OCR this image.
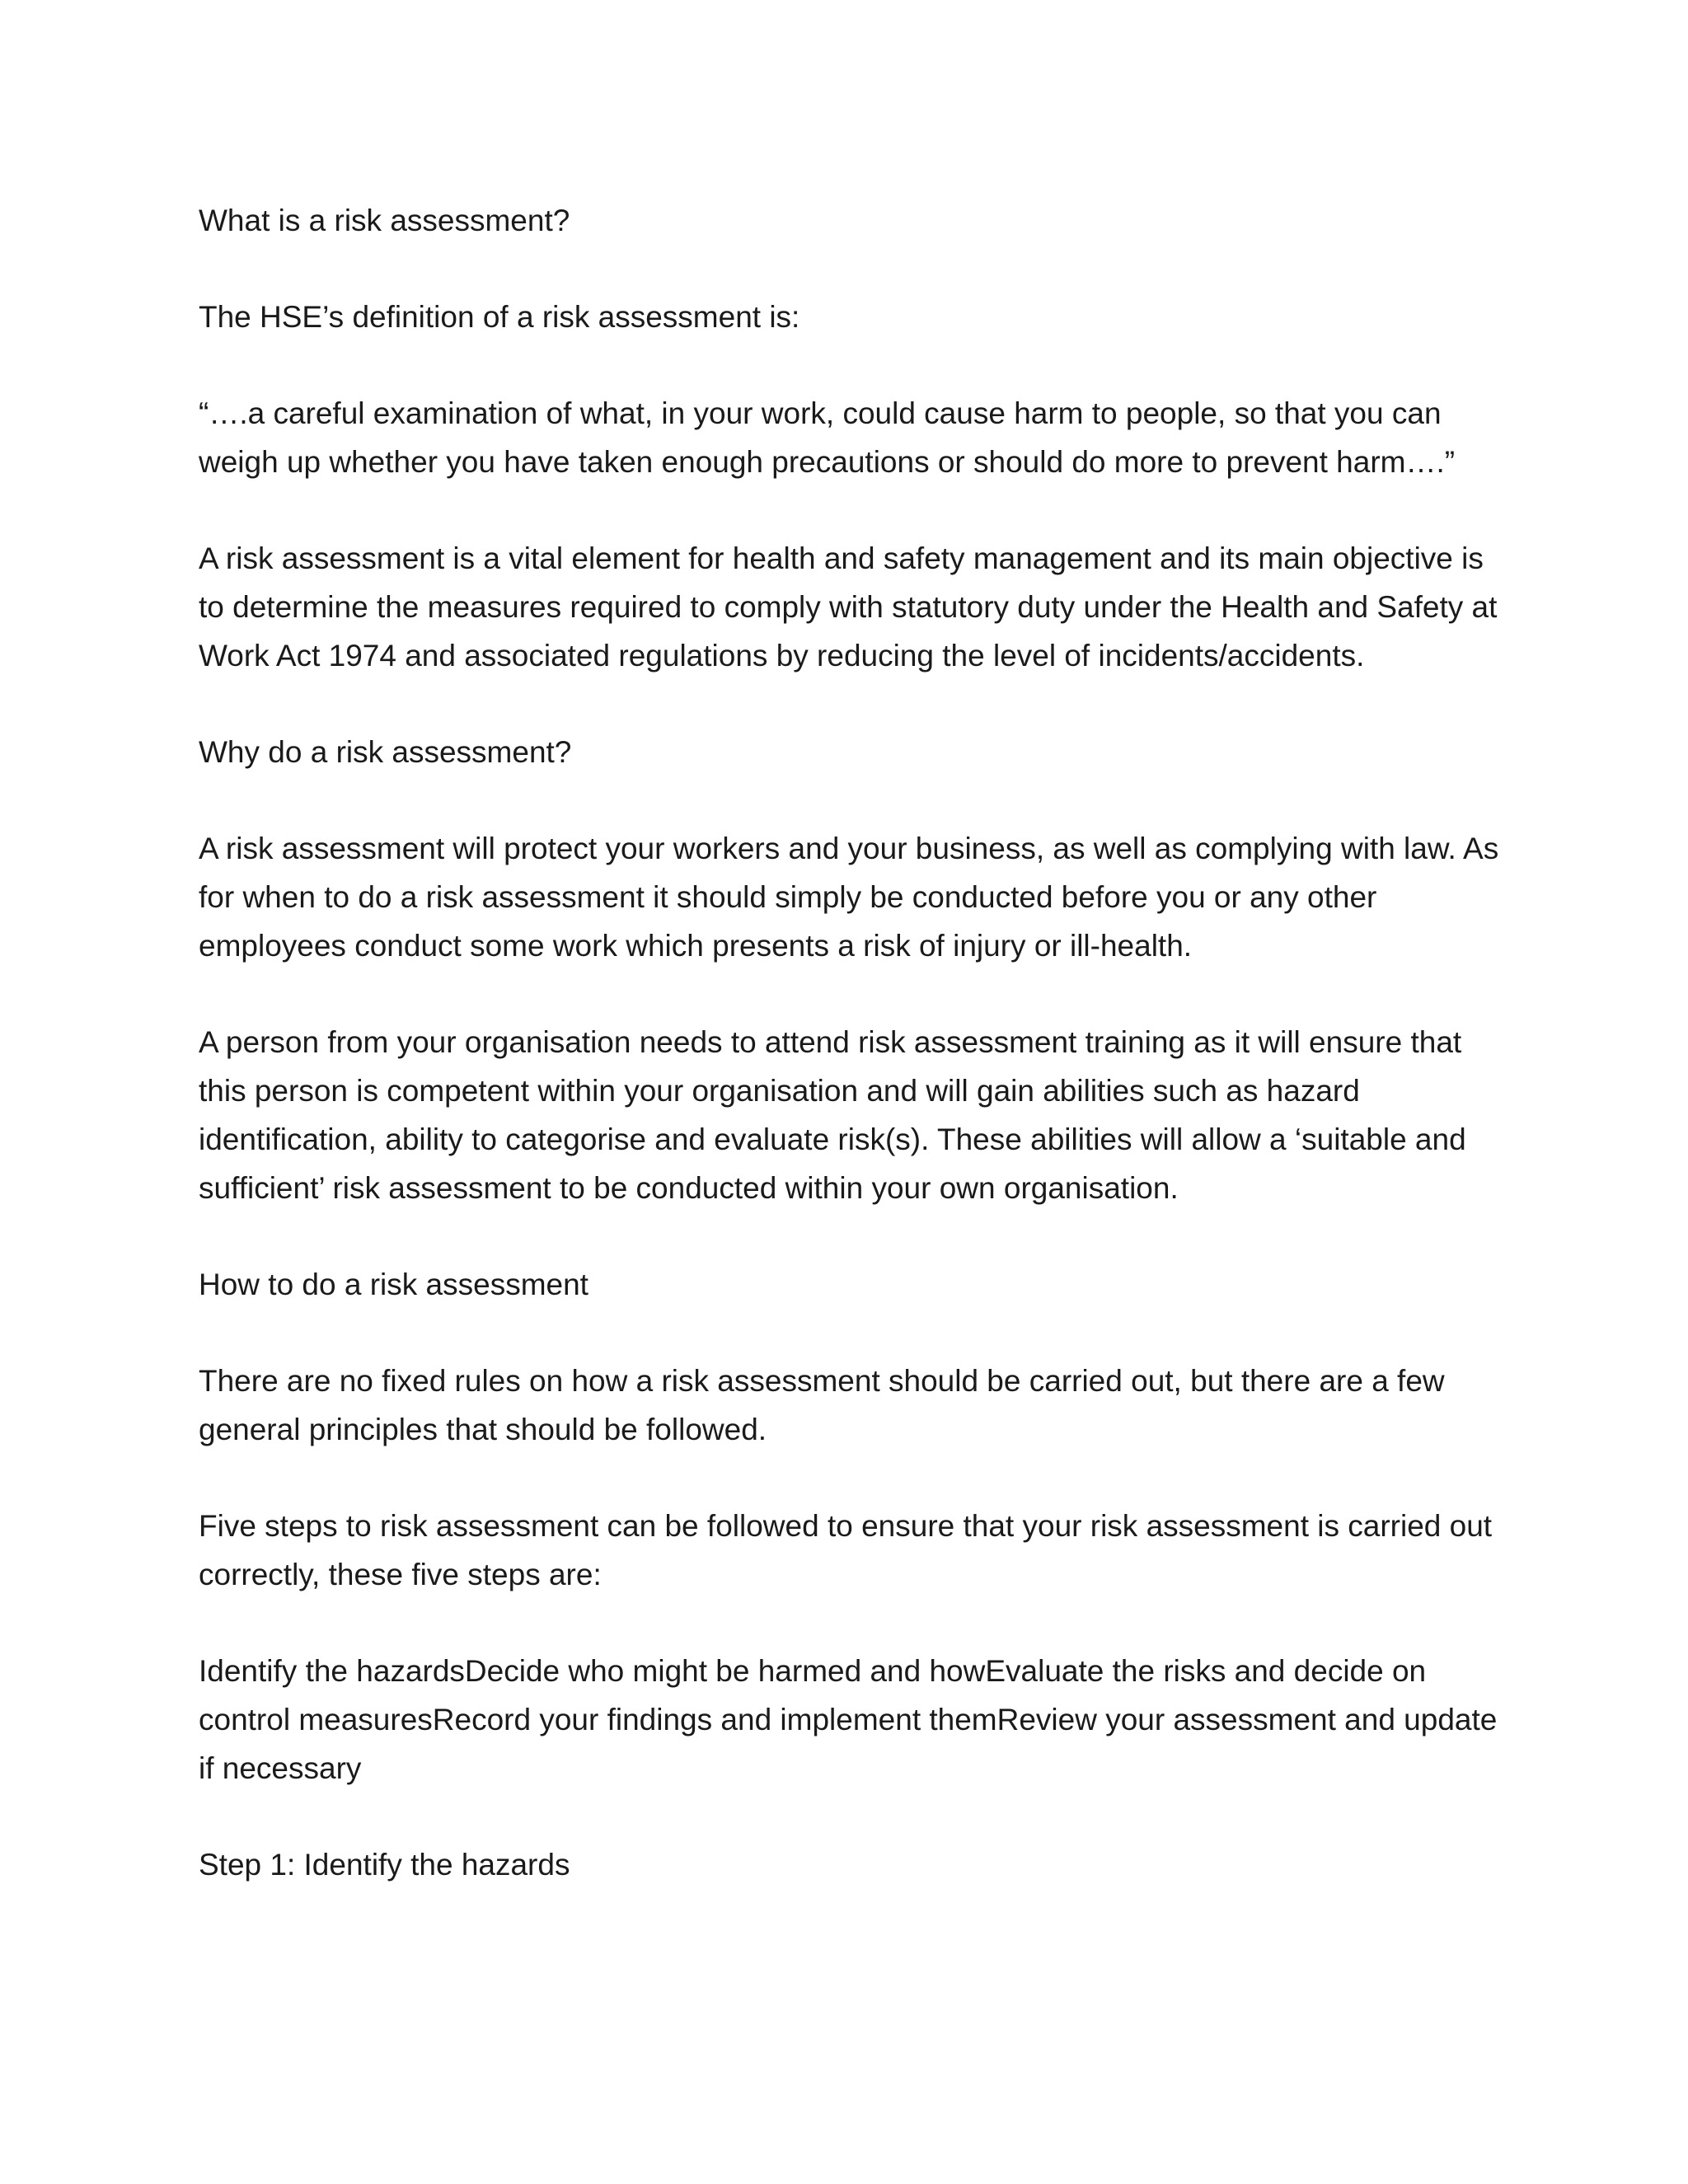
What is a risk assessment?

The HSE’s definition of a risk assessment is:

“….a careful examination of what, in your work, could cause harm to people, so that you can weigh up whether you have taken enough precautions or should do more to prevent harm….”

A risk assessment is a vital element for health and safety management and its main objective is to determine the measures required to comply with statutory duty under the Health and Safety at Work Act 1974 and associated regulations by reducing the level of incidents/accidents.

Why do a risk assessment?

A risk assessment will protect your workers and your business, as well as complying with law. As for when to do a risk assessment it should simply be conducted before you or any other employees conduct some work which presents a risk of injury or ill-health.

A person from your organisation needs to attend risk assessment training as it will ensure that this person is competent within your organisation and will gain abilities such as hazard identification, ability to categorise and evaluate risk(s). These abilities will allow a ‘suitable and sufficient’ risk assessment to be conducted within your own organisation.

How to do a risk assessment

There are no fixed rules on how a risk assessment should be carried out, but there are a few general principles that should be followed.

Five steps to risk assessment can be followed to ensure that your risk assessment is carried out correctly, these five steps are:

Identify the hazardsDecide who might be harmed and howEvaluate the risks and decide on control measuresRecord your findings and implement themReview your assessment and update if necessary

Step 1: Identify the hazards
